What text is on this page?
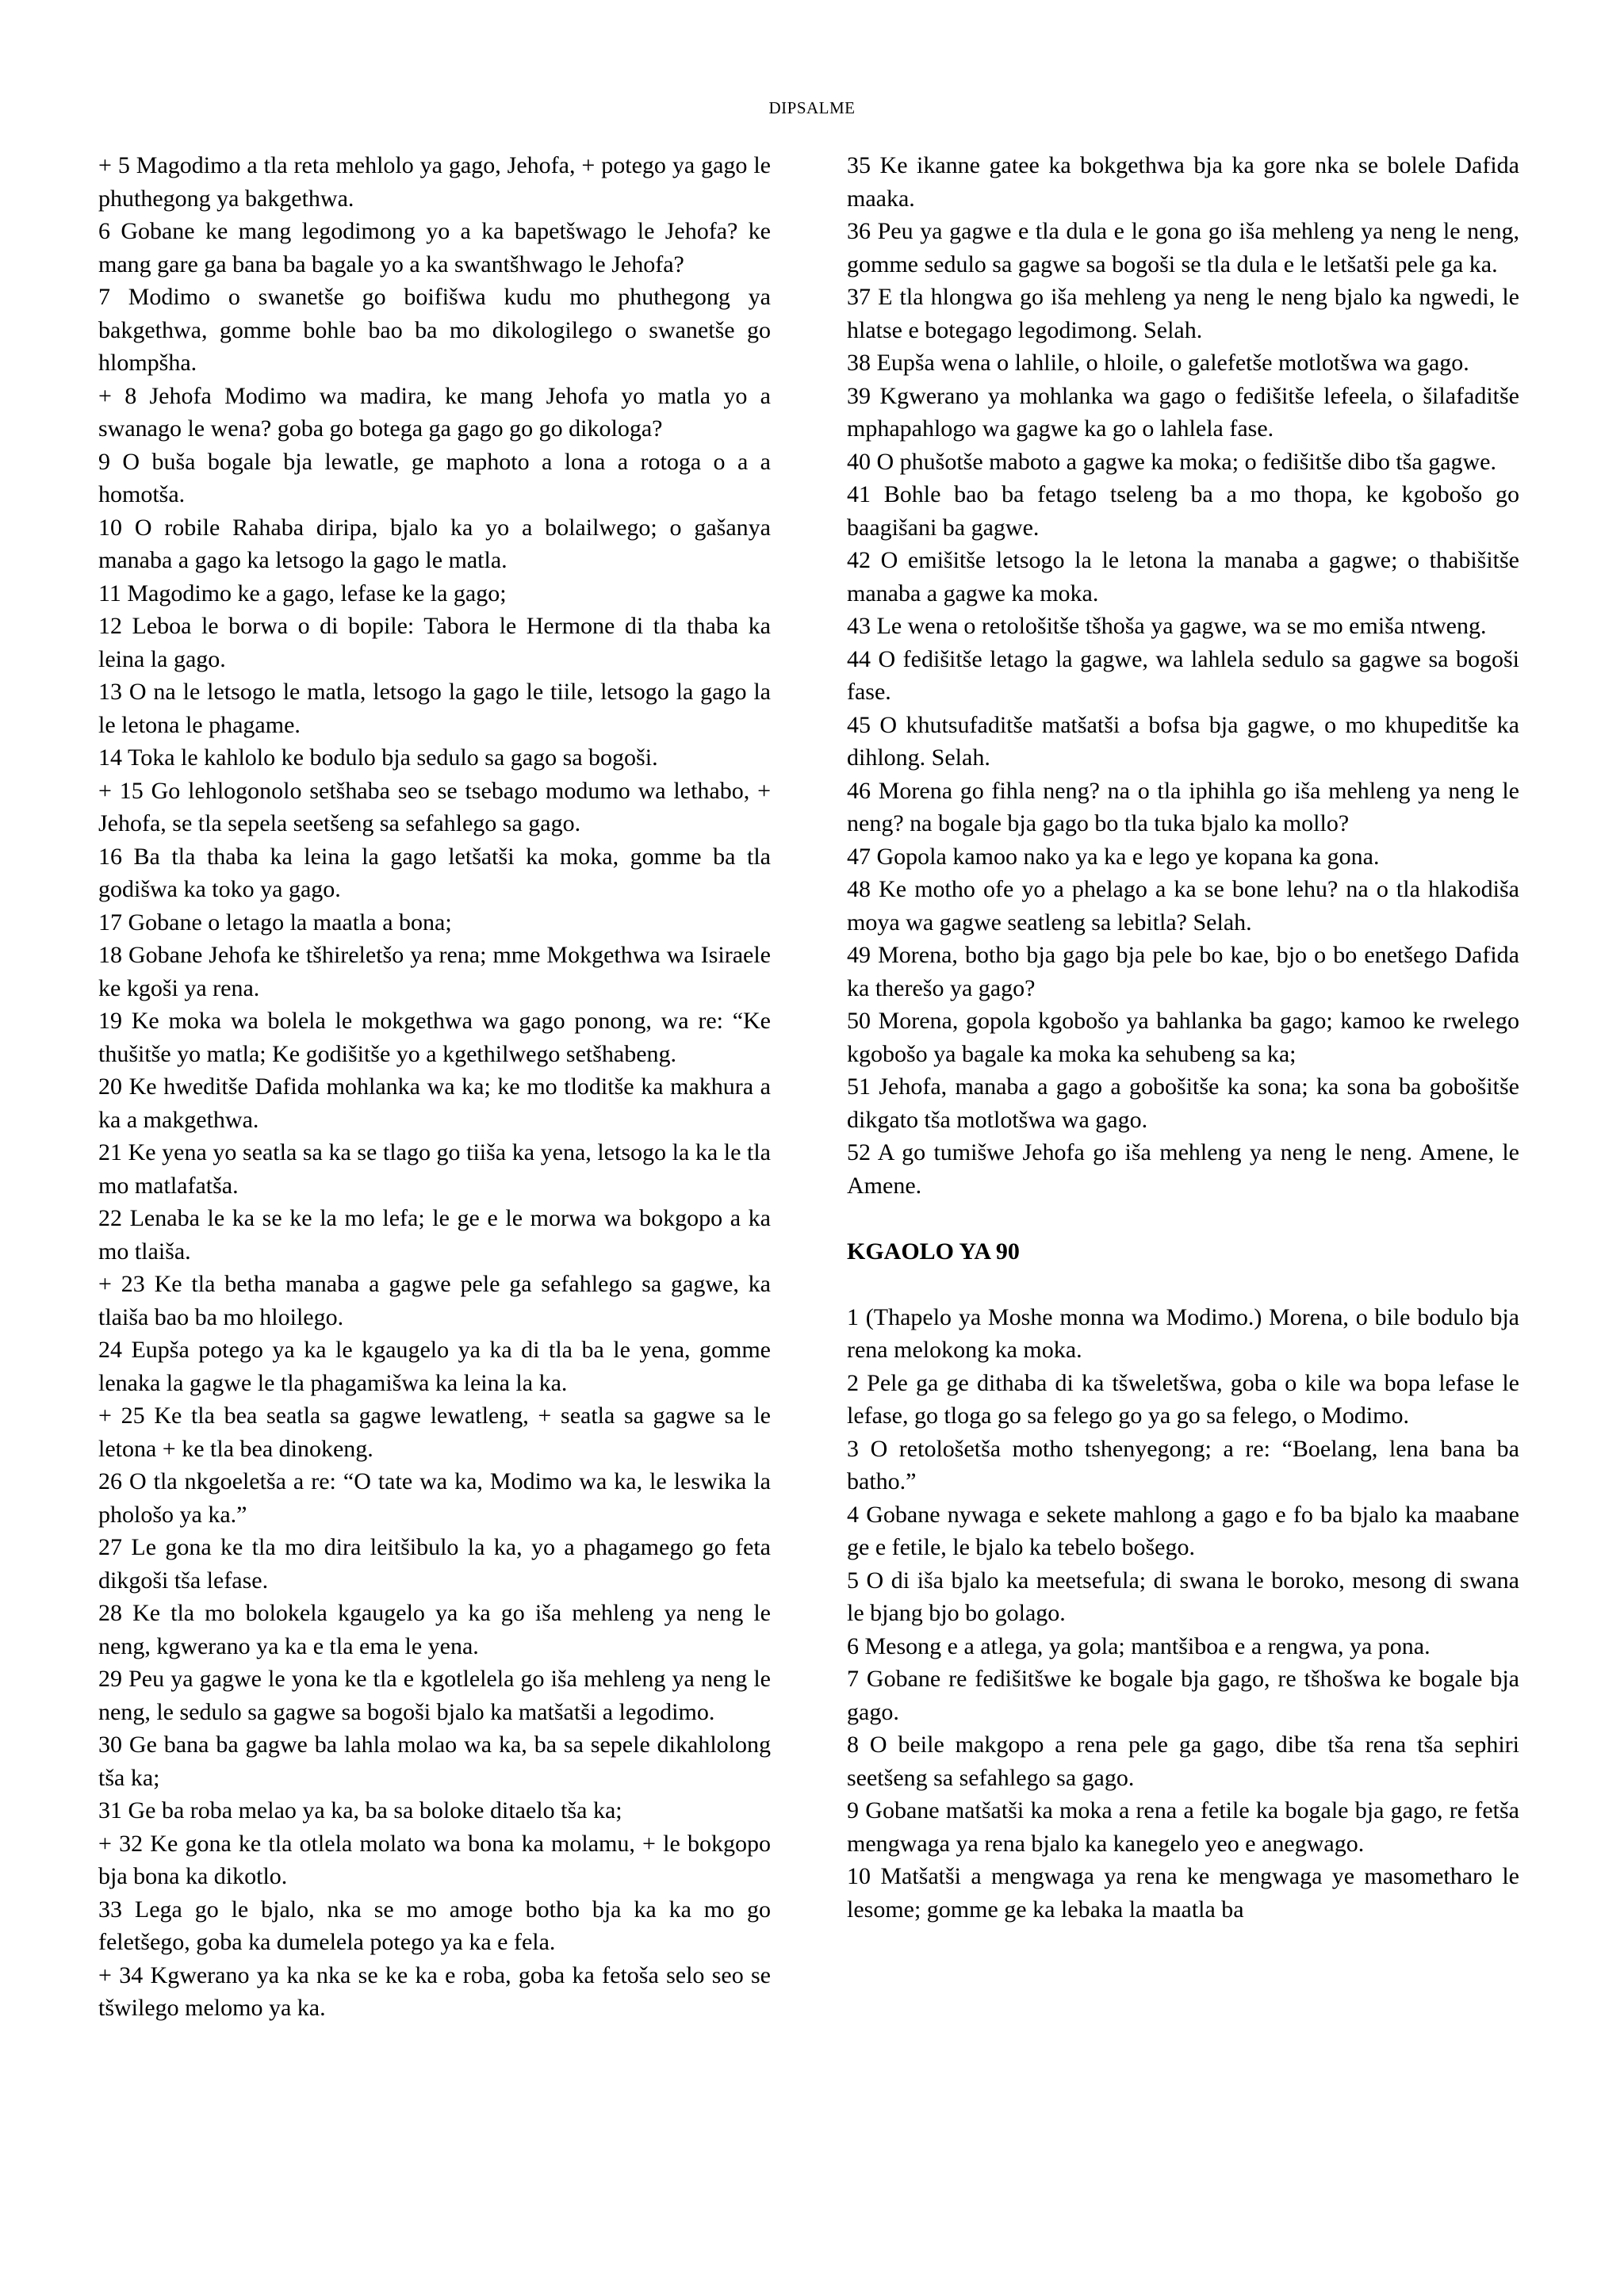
DIPSALME

+ 5 Magodimo a tla reta mehlolo ya gago, Jehofa, + potego ya gago le phuthegong ya bakgethwa.

6 Gobane ke mang legodimong yo a ka bapetšwago le Jehofa? ke mang gare ga bana ba bagale yo a ka swantšhwago le Jehofa?

7 Modimo o swanetše go boifišwa kudu mo phuthegong ya bakgethwa, gomme bohle bao ba mo dikologilego o swanetše go hlompšha.

+ 8 Jehofa Modimo wa madira, ke mang Jehofa yo matla yo a swanago le wena? goba go botega ga gago go go dikologa?

9 O buša bogale bja lewatle, ge maphoto a lona a rotoga o a a homotša.

10 O robile Rahaba diripa, bjalo ka yo a bolailwego; o gašanya manaba a gago ka letsogo la gago le matla.

11 Magodimo ke a gago, lefase ke la gago;

12 Leboa le borwa o di bopile: Tabora le Hermone di tla thaba ka leina la gago.

13 O na le letsogo le matla, letsogo la gago le tiile, letsogo la gago la le letona le phagame.

14 Toka le kahlolo ke bodulo bja sedulo sa gago sa bogoši.

+ 15 Go lehlogonolo setšhaba seo se tsebago modumo wa lethabo, + Jehofa, se tla sepela seetšeng sa sefahlego sa gago.

16 Ba tla thaba ka leina la gago letšatši ka moka, gomme ba tla godišwa ka toko ya gago.

17 Gobane o letago la maatla a bona;

18 Gobane Jehofa ke tšhireletšo ya rena; mme Mokgethwa wa Isiraele ke kgoši ya rena.

19 Ke moka wa bolela le mokgethwa wa gago ponong, wa re: “Ke thušitše yo matla; Ke godišitše yo a kgethilwego setšhabeng.

20 Ke hweditše Dafida mohlanka wa ka; ke mo tloditše ka makhura a ka a makgethwa.

21 Ke yena yo seatla sa ka se tlago go tiiša ka yena, letsogo la ka le tla mo matlafatša.

22 Lenaba le ka se ke la mo lefa; le ge e le morwa wa bokgopo a ka mo tlaiša.

+ 23 Ke tla betha manaba a gagwe pele ga sefahlego sa gagwe, ka tlaiša bao ba mo hloilego.

24 Eupša potego ya ka le kgaugelo ya ka di tla ba le yena, gomme lenaka la gagwe le tla phagamišwa ka leina la ka.

+ 25 Ke tla bea seatla sa gagwe lewatleng, + seatla sa gagwe sa le letona + ke tla bea dinokeng.

26 O tla nkgoeletša a re: “O tate wa ka, Modimo wa ka, le leswika la phološo ya ka.”

27 Le gona ke tla mo dira leitšibulo la ka, yo a phagamego go feta dikgoši tša lefase.

28 Ke tla mo bolokela kgaugelo ya ka go iša mehleng ya neng le neng, kgwerano ya ka e tla ema le yena.

29 Peu ya gagwe le yona ke tla e kgotlelela go iša mehleng ya neng le neng, le sedulo sa gagwe sa bogoši bjalo ka matšatši a legodimo.

30 Ge bana ba gagwe ba lahla molao wa ka, ba sa sepele dikahlolong tša ka;

31 Ge ba roba melao ya ka, ba sa boloke ditaelo tša ka;

+ 32 Ke gona ke tla otlela molato wa bona ka molamu, + le bokgopo bja bona ka dikotlo.

33 Lega go le bjalo, nka se mo amoge botho bja ka ka mo go feletšego, goba ka dumelela potego ya ka e fela.

+ 34 Kgwerano ya ka nka se ke ka e roba, goba ka fetoša selo seo se tšwilego melomo ya ka.

35 Ke ikanne gatee ka bokgethwa bja ka gore nka se bolele Dafida maaka.

36 Peu ya gagwe e tla dula e le gona go iša mehleng ya neng le neng, gomme sedulo sa gagwe sa bogoši se tla dula e le letšatši pele ga ka.

37 E tla hlongwa go iša mehleng ya neng le neng bjalo ka ngwedi, le hlatse e botegago legodimong. Selah.

38 Eupša wena o lahlile, o hloile, o galefetše motlotšwa wa gago.

39 Kgwerano ya mohlanka wa gago o fedišitše lefeela, o šilafaditše mphapahlogo wa gagwe ka go o lahlela fase.

40 O phušotše maboto a gagwe ka moka; o fedišitše dibo tša gagwe.

41 Bohle bao ba fetago tseleng ba a mo thopa, ke kgobošo go baagišani ba gagwe.

42 O emišitše letsogo la le letona la manaba a gagwe; o thabišitše manaba a gagwe ka moka.

43 Le wena o retološitše tšhoša ya gagwe, wa se mo emiša ntweng.

44 O fedišitše letago la gagwe, wa lahlela sedulo sa gagwe sa bogoši fase.

45 O khutsufaditše matšatši a bofsa bja gagwe, o mo khupeditše ka dihlong. Selah.

46 Morena go fihla neng? na o tla iphihla go iša mehleng ya neng le neng? na bogale bja gago bo tla tuka bjalo ka mollo?

47 Gopola kamoo nako ya ka e lego ye kopana ka gona.

48 Ke motho ofe yo a phelago a ka se bone lehu? na o tla hlakodiša moya wa gagwe seatleng sa lebitla? Selah.

49 Morena, botho bja gago bja pele bo kae, bjo o bo enetšego Dafida ka therešo ya gago?

50 Morena, gopola kgobošo ya bahlanka ba gago; kamoo ke rwelego kgobošo ya bagale ka moka ka sehubeng sa ka;

51 Jehofa, manaba a gago a gobošitše ka sona; ka sona ba gobošitše dikgato tša motlotšwa wa gago.

52 A go tumišwe Jehofa go iša mehleng ya neng le neng. Amene, le Amene.

KGAOLO YA 90

1 (Thapelo ya Moshe monna wa Modimo.) Morena, o bile bodulo bja rena melokong ka moka.

2 Pele ga ge dithaba di ka tšweletšwa, goba o kile wa bopa lefase le lefase, go tloga go sa felego go ya go sa felego, o Modimo.

3 O retološetša motho tshenyegong; a re: “Boelang, lena bana ba batho.”

4 Gobane nywaga e sekete mahlong a gago e fo ba bjalo ka maabane ge e fetile, le bjalo ka tebelo bošego.

5 O di iša bjalo ka meetsefula; di swana le boroko, mesong di swana le bjang bjo bo golago.

6 Mesong e a atlega, ya gola; mantšiboa e a rengwa, ya pona.

7 Gobane re fedišitšwe ke bogale bja gago, re tšhošwa ke bogale bja gago.

8 O beile makgopo a rena pele ga gago, dibe tša rena tša sephiri seetšeng sa sefahlego sa gago.

9 Gobane matšatši ka moka a rena a fetile ka bogale bja gago, re fetša mengwaga ya rena bjalo ka kanegelo yeo e anegwago.

10 Matšatši a mengwaga ya rena ke mengwaga ye masometharo le lesome; gomme ge ka lebaka la maatla ba
